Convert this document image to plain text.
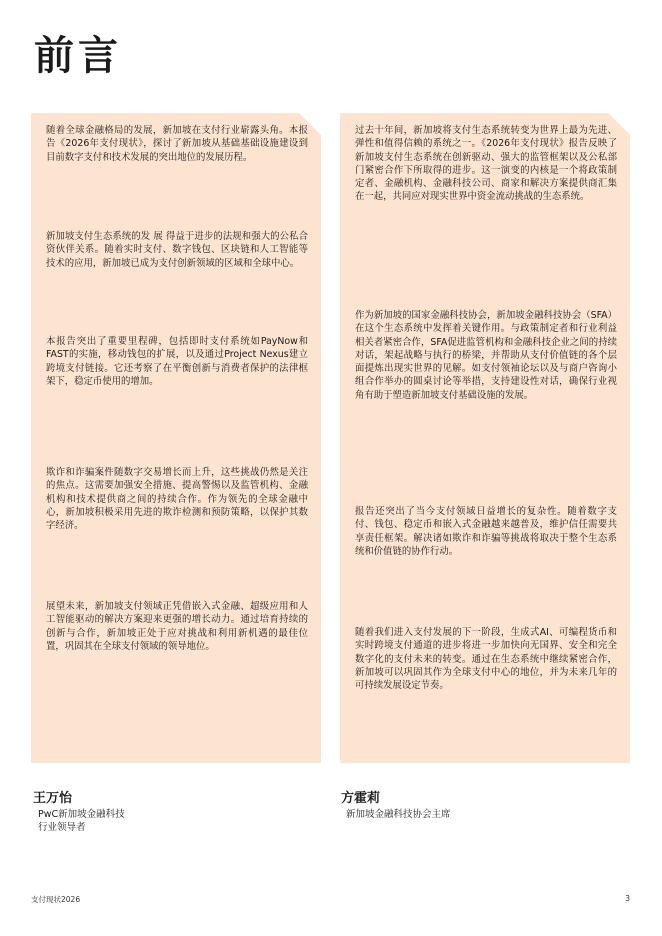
前言

随着全球金融格局的发展，新加坡在支付行业崭露头角。本报告《2026年支付现状》，探讨了新加坡从基础基础设施建设到目前数字支付和技术发展的突出地位的发展历程。

新加坡支付生态系统的发 展 得益于进步的法规和强大的公私合 资伙伴关系。随着实时支付、数字钱包、区块链和人工智能等技术的应用，新加坡已成为支付创新领域的区域和全球中心。

本报告突出了重要里程碑，包括即时支付系统如PayNow和FAST的实施，移动钱包的扩展，以及通过Project Nexus建立跨境支付链接。它还考察了在平衡创新与消费者保护的法律框架下，稳定币使用的增加。

欺诈和诈骗案件随数字交易增长而上升，这些挑战仍然是关注的焦点。这需要加强安全措施、提高警惕以及监管机构、金融机构和技术提供商之间的持续合作。作为领先的全球金融中心，新加坡积极采用先进的欺诈检测和预防策略，以保护其数字经济。

展望未来，新加坡支付领域正凭借嵌入式金融、超级应用和人工智能驱动的解决方案迎来更强的增长动力。通过培育持续的创新与合作，新加坡正处于应对挑战和利用新机遇的最佳位置，巩固其在全球支付领域的领导地位。

过去十年间，新加坡将支付生态系统转变为世界上最为先进、弹性和值得信赖的系统之一。《2026年支付现状》报告反映了新加坡支付生态系统在创新驱动、强大的监管框架以及公私部门紧密合作下所取得的进步。这一演变的内核是一个将政策制定者、金融机构、金融科技公司、商家和解决方案提供商汇集在一起，共同应对现实世界中资金流动挑战的生态系统。

作为新加坡的国家金融科技协会，新加坡金融科技协会（SFA）在这个生态系统中发挥着关键作用。与政策制定者和行业利益相关者紧密合作，SFA促进监管机构和金融科技企业之间的持续对话，架起战略与执行的桥梁，并帮助从支付价值链的各个层面提炼出现实世界的见解。如支付领袖论坛以及与商户咨询小组合作举办的圆桌讨论等举措，支持建设性对话，确保行业视角有助于塑造新加坡支付基础设施的发展。

报告还突出了当今支付领域日益增长的复杂性。随着数字支付、钱包、稳定币和嵌入式金融越来越普及，维护信任需要共享责任框架。解决诸如欺诈和诈骗等挑战将取决于整个生态系统和价值链的协作行动。

随着我们进入支付发展的下一阶段，生成式AI、可编程货币和实时跨境支付通道的进步将进一步加快向无国界、安全和完全数字化的支付未来的转变。通过在生态系统中继续紧密合作，新加坡可以巩固其作为全球支付中心的地位，并为未来几年的可持续发展设定节奏。

王万怡

PwC新加坡金融科技

行业领导者

方霍莉

新加坡金融科技协会主席

支付现状2026	3
